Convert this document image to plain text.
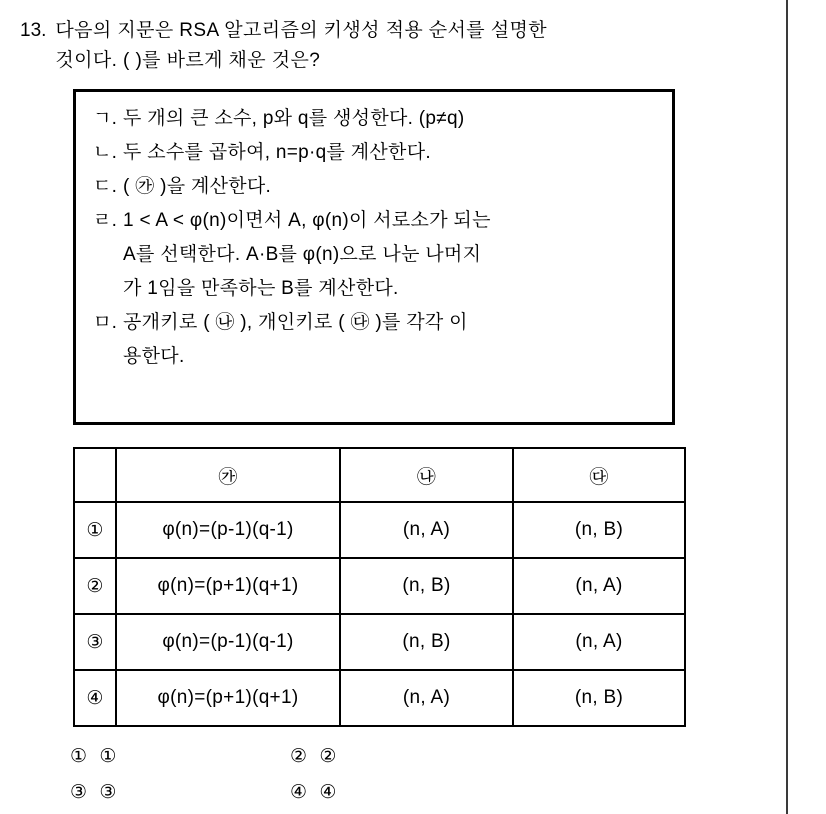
13. 다음의 지문은 RSA 알고리즘의 키생성 적용 순서를 설명한
것이다. ( )를 바르게 채운 것은?
ㄱ. 두 개의 큰 소수, p와 q를 생성한다. (p≠q)
ㄴ. 두 소수를 곱하여, n=p·q를 계산한다.
ㄷ. ( ㉮ )을 계산한다.
ㄹ. 1 < A < φ(n)이면서 A, φ(n)이 서로소가 되는
A를 선택한다. A·B를 φ(n)으로 나눈 나머지
가 1임을 만족하는 B를 계산한다.
ㅁ. 공개키로 ( ㉯ ), 개인키로 ( ㉰ )를 각각 이
용한다.
	㉮	㉯	㉰
①	φ(n)=(p-1)(q-1)	(n, A)	(n, B)
②	φ(n)=(p+1)(q+1)	(n, B)	(n, A)
③	φ(n)=(p-1)(q-1)	(n, B)	(n, A)
④	φ(n)=(p+1)(q+1)	(n, A)	(n, B)
① ①	② ②
③ ③	④ ④
